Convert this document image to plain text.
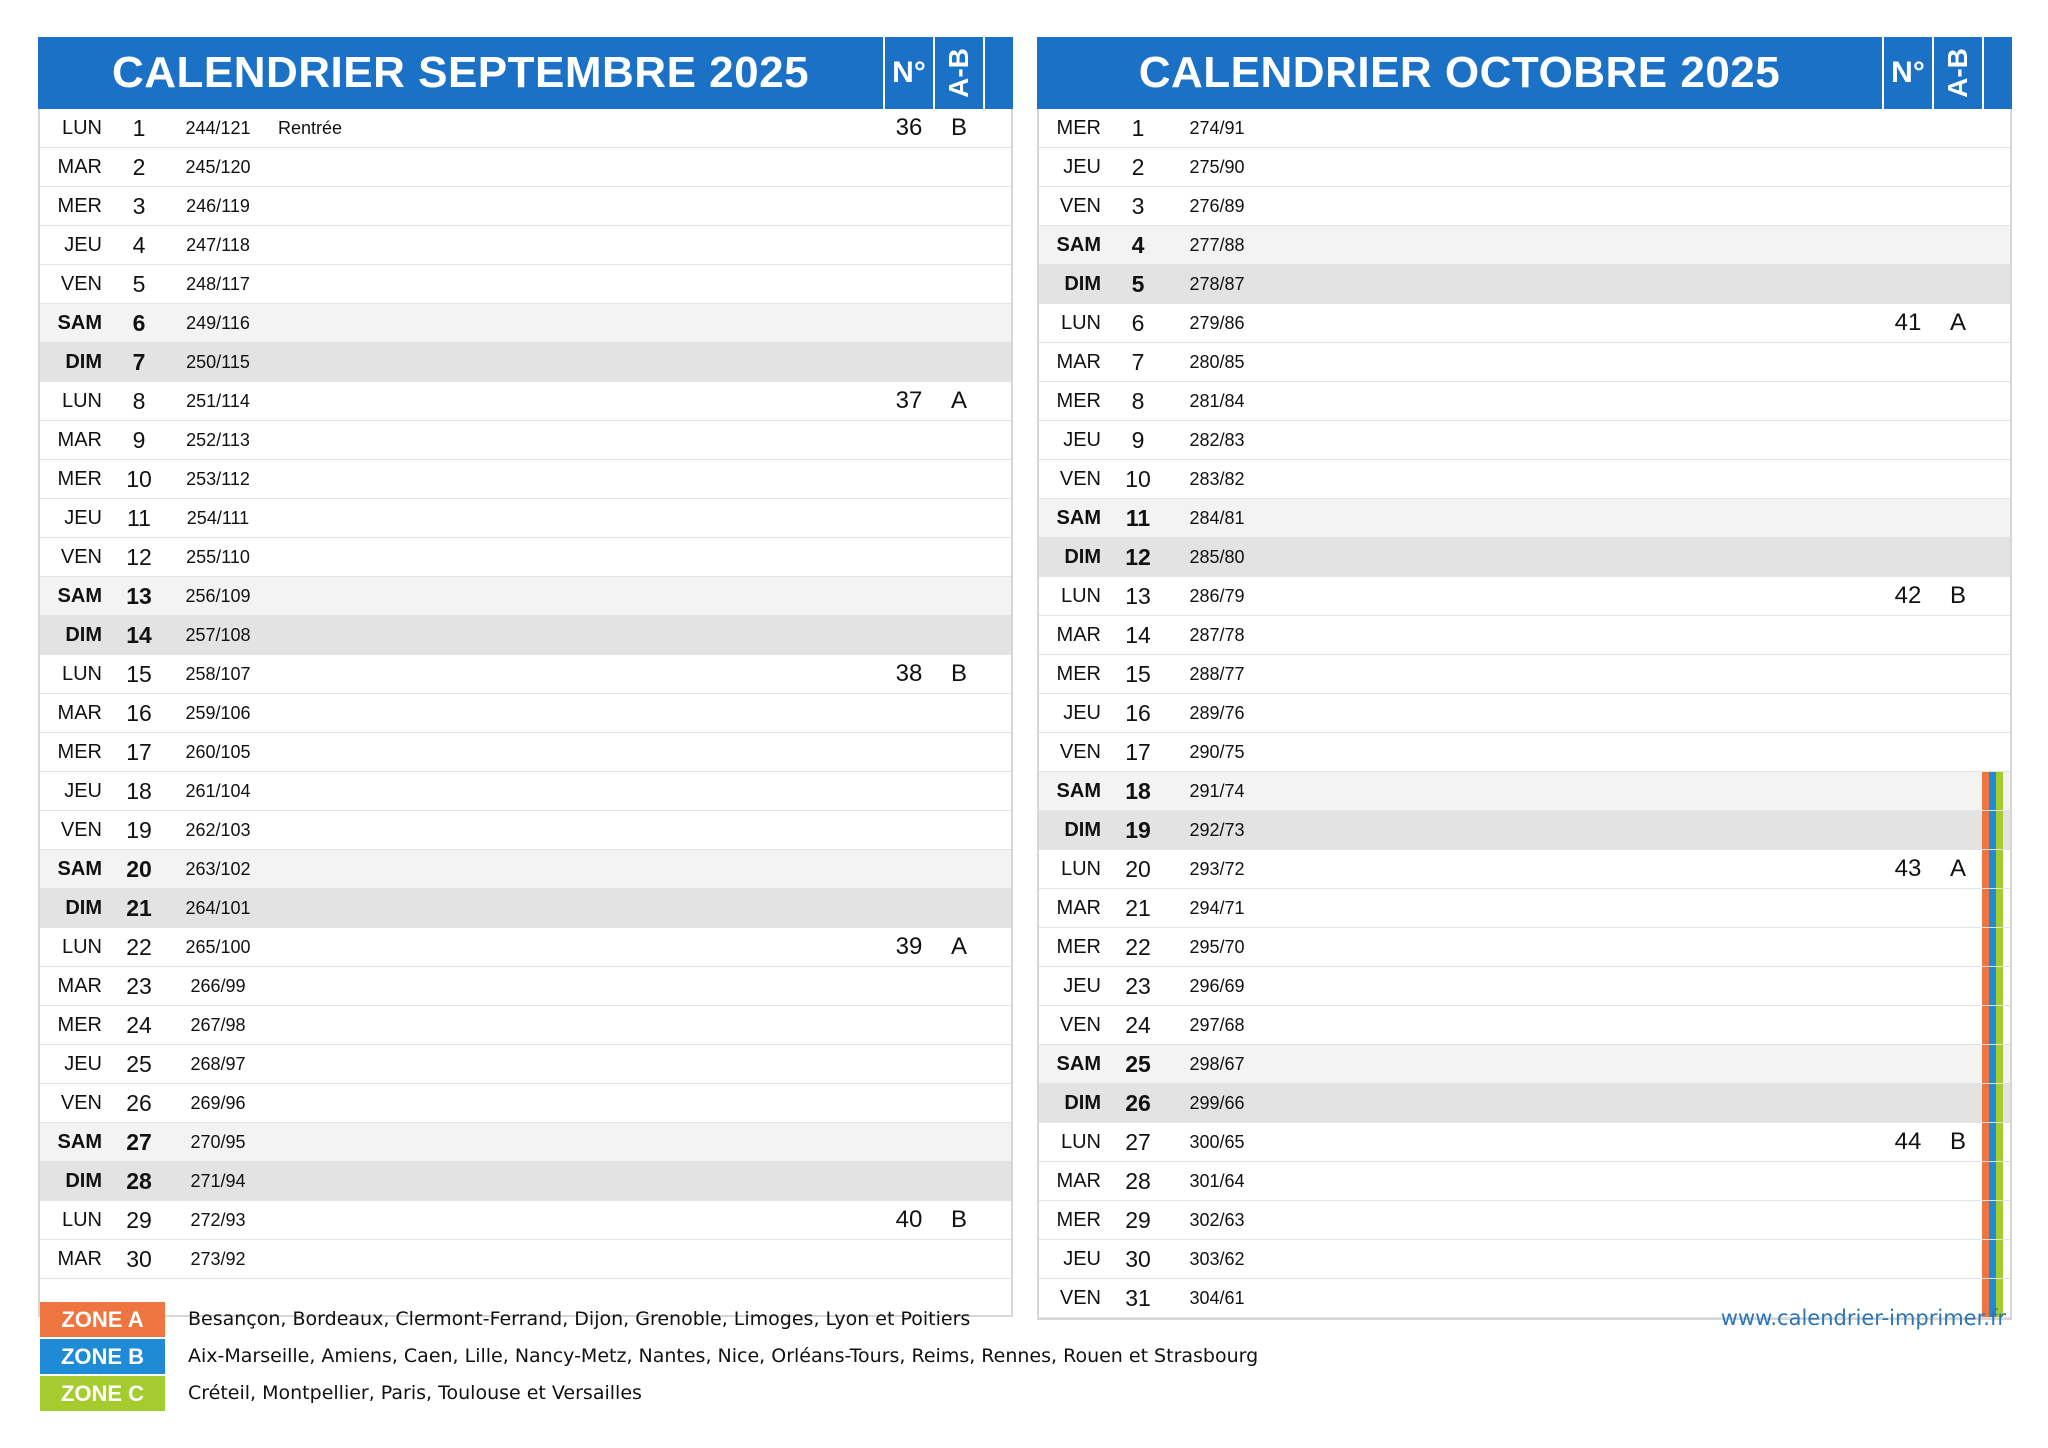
CALENDRIER SEPTEMBRE 2025	N° A-B
LUN	1	244/121	Rentrée	36	B
MAR	2	245/120
MER	3	246/119
JEU	4	247/118
VEN	5	248/117
SAM	6	249/116
DIM	7	250/115
LUN	8	251/114	37	A
MAR	9	252/113
MER	10	253/112
JEU	11	254/111
VEN	12	255/110
SAM	13	256/109
DIM	14	257/108
LUN	15	258/107	38	B
MAR	16	259/106
MER	17	260/105
JEU	18	261/104
VEN	19	262/103
SAM	20	263/102
DIM	21	264/101
LUN	22	265/100	39	A
MAR	23	266/99
MER	24	267/98
JEU	25	268/97
VEN	26	269/96
SAM	27	270/95
DIM	28	271/94
LUN	29	272/93	40	B
MAR	30	273/92
CALENDRIER OCTOBRE 2025	N° A-B
MER	1	274/91
JEU	2	275/90
VEN	3	276/89
SAM	4	277/88
DIM	5	278/87
LUN	6	279/86	41	A
MAR	7	280/85
MER	8	281/84
JEU	9	282/83
VEN	10	283/82
SAM	11	284/81
DIM	12	285/80
LUN	13	286/79	42	B
MAR	14	287/78
MER	15	288/77
JEU	16	289/76
VEN	17	290/75
SAM	18	291/74
DIM	19	292/73
LUN	20	293/72	43	A
MAR	21	294/71
MER	22	295/70
JEU	23	296/69
VEN	24	297/68
SAM	25	298/67
DIM	26	299/66
LUN	27	300/65	44	B
MAR	28	301/64
MER	29	302/63
JEU	30	303/62
VEN	31	304/61
ZONE A	Besançon, Bordeaux, Clermont-Ferrand, Dijon, Grenoble, Limoges, Lyon et Poitiers
ZONE B	Aix-Marseille, Amiens, Caen, Lille, Nancy-Metz, Nantes, Nice, Orléans-Tours, Reims, Rennes, Rouen et Strasbourg
ZONE C	Créteil, Montpellier, Paris, Toulouse et Versailles
www.calendrier-imprimer.fr
